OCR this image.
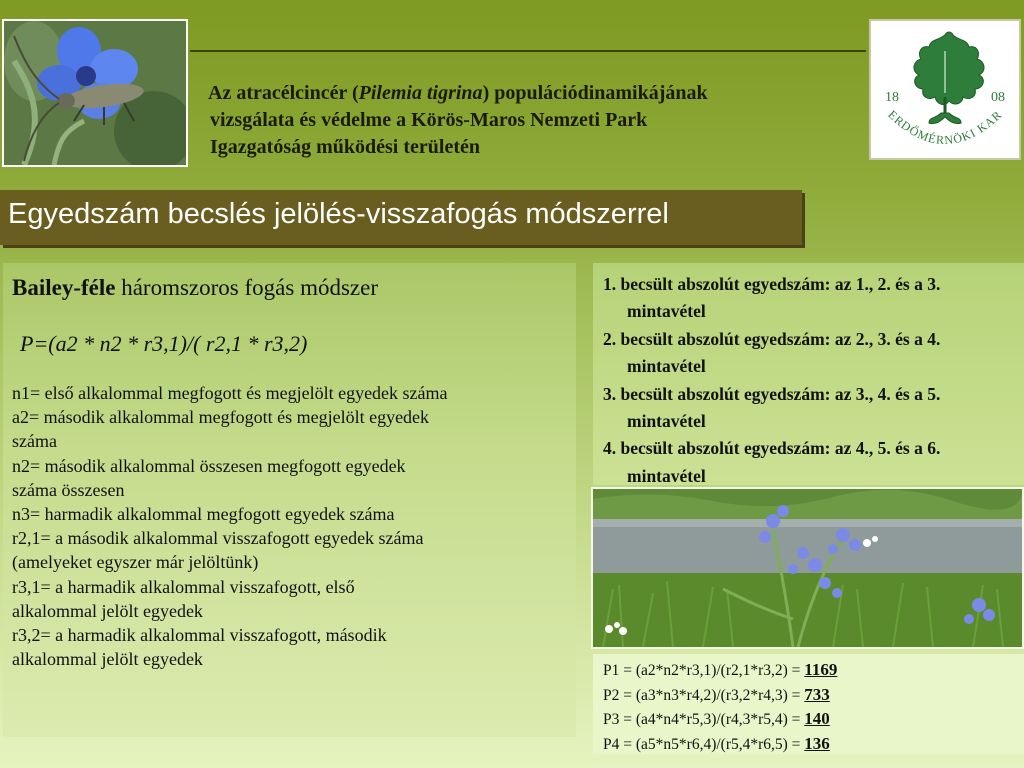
Az atracélcincér (Pilemia tigrina) populációdinamikájának
vizsgálata és védelme a Körös-Maros Nemzeti Park
Igazgatóság működési területén
18	08
ERDŐMÉRNÖKI KAR
Egyedszám becslés jelölés-visszafogás módszerrel
Bailey-féle háromszoros fogás módszer
P=(a2 * n2 * r3,1)/( r2,1 * r3,2)
n1= első alkalommal megfogott és megjelölt egyedek száma
a2= második alkalommal megfogott és megjelölt egyedek
száma
n2= második alkalommal összesen megfogott egyedek
száma összesen
n3= harmadik alkalommal megfogott egyedek száma
r2,1= a második alkalommal visszafogott egyedek száma
(amelyeket egyszer már jelöltünk)
r3,1= a harmadik alkalommal visszafogott, első
alkalommal jelölt egyedek
r3,2= a harmadik alkalommal visszafogott, második
alkalommal jelölt egyedek
1. becsült abszolút egyedszám: az 1., 2. és a 3. mintavétel
2. becsült abszolút egyedszám: az 2., 3. és a 4. mintavétel
3. becsült abszolút egyedszám: az 3., 4. és a 5. mintavétel
4. becsült abszolút egyedszám: az 4., 5. és a 6. mintavétel
P1 = (a2*n2*r3,1)/(r2,1*r3,2) = 1169
P2 = (a3*n3*r4,2)/(r3,2*r4,3) = 733
P3 = (a4*n4*r5,3)/(r4,3*r5,4) = 140
P4 = (a5*n5*r6,4)/(r5,4*r6,5) = 136
